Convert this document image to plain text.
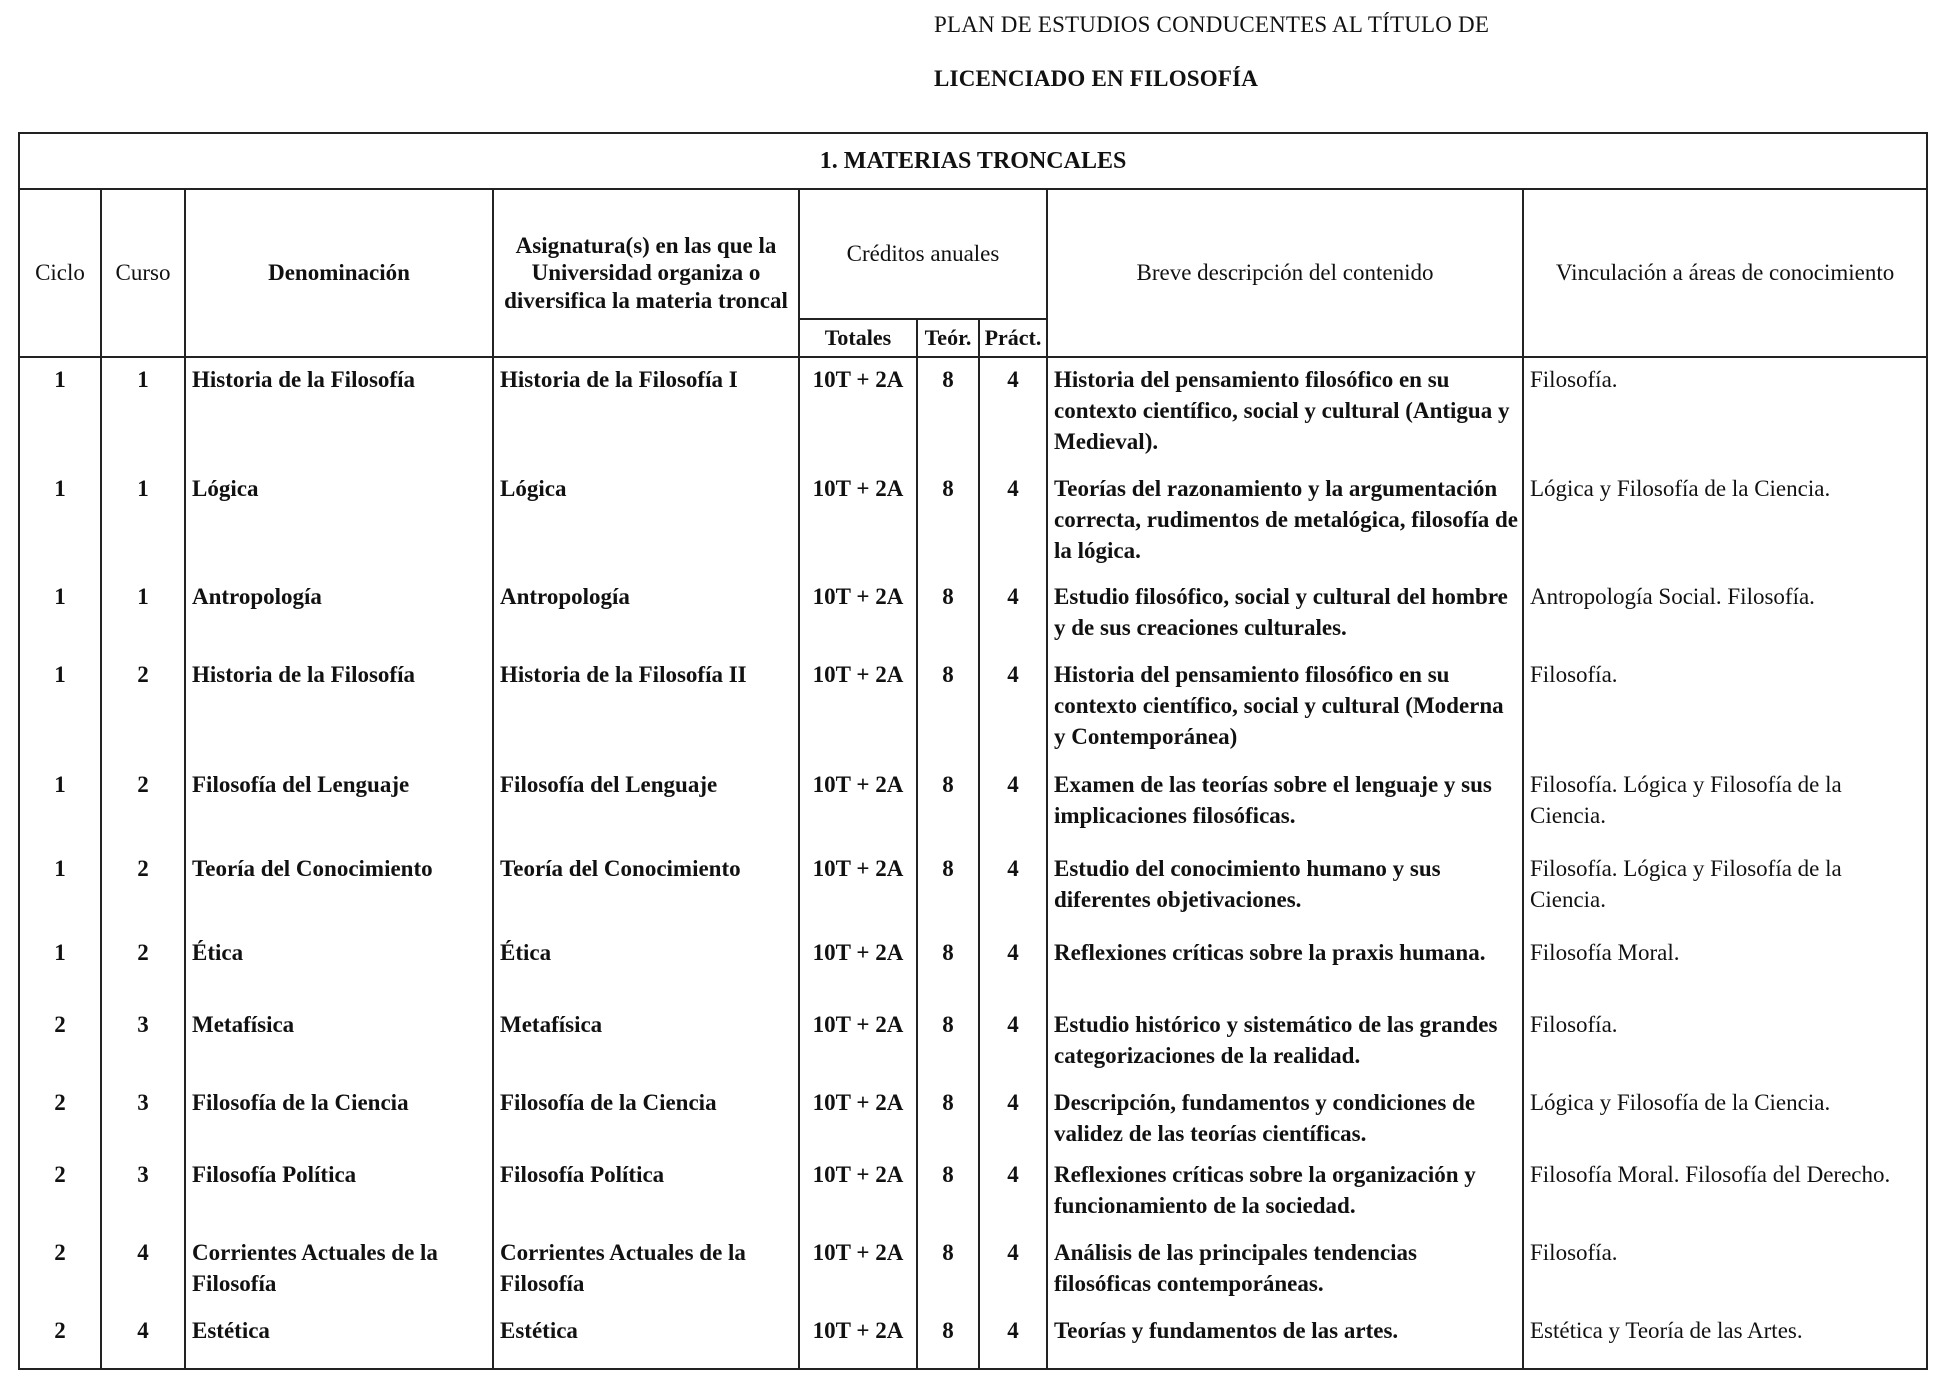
PLAN DE ESTUDIOS CONDUCENTES AL TÍTULO DE

LICENCIADO EN FILOSOFÍA

1. MATERIAS TRONCALES								
Ciclo	Curso	Denominación	Asignatura(s) en las que la Universidad organiza o diversifica la materia troncal	Créditos anuales			Breve descripción del contenido	Vinculación a áreas de conocimiento
				Totales	Teór.	Práct.		
1	1	Historia de la Filosofía	Historia de la Filosofía I	10T + 2A	8	4	Historia del pensamiento filosófico en su contexto científico, social y cultural (Antigua y Medieval).	Filosofía.
1	1	Lógica	Lógica	10T + 2A	8	4	Teorías del razonamiento y la argumentación correcta, rudimentos de metalógica, filosofía de la lógica.	Lógica y Filosofía de la Ciencia.
1	1	Antropología	Antropología	10T + 2A	8	4	Estudio filosófico, social y cultural del hombre y de sus creaciones culturales.	Antropología Social. Filosofía.
1	2	Historia de la Filosofía	Historia de la Filosofía II	10T + 2A	8	4	Historia del pensamiento filosófico en su contexto científico, social y cultural (Moderna y Contemporánea)	Filosofía.
1	2	Filosofía del Lenguaje	Filosofía del Lenguaje	10T + 2A	8	4	Examen de las teorías sobre el lenguaje y sus implicaciones filosóficas.	Filosofía. Lógica y Filosofía de la Ciencia.
1	2	Teoría del Conocimiento	Teoría del Conocimiento	10T + 2A	8	4	Estudio del conocimiento humano y sus diferentes objetivaciones.	Filosofía. Lógica y Filosofía de la Ciencia.
1	2	Ética	Ética	10T + 2A	8	4	Reflexiones críticas sobre la praxis humana.	Filosofía Moral.
2	3	Metafísica	Metafísica	10T + 2A	8	4	Estudio histórico y sistemático de las grandes categorizaciones de la realidad.	Filosofía.
2	3	Filosofía de la Ciencia	Filosofía de la Ciencia	10T + 2A	8	4	Descripción, fundamentos y condiciones de validez de las teorías científicas.	Lógica y Filosofía de la Ciencia.
2	3	Filosofía Política	Filosofía Política	10T + 2A	8	4	Reflexiones críticas sobre la organización y funcionamiento de la sociedad.	Filosofía Moral. Filosofía del Derecho.
2	4	Corrientes Actuales de la Filosofía	Corrientes Actuales de la Filosofía	10T + 2A	8	4	Análisis de las principales tendencias filosóficas contemporáneas.	Filosofía.
2	4	Estética	Estética	10T + 2A	8	4	Teorías y fundamentos de las artes.	Estética y Teoría de las Artes.
